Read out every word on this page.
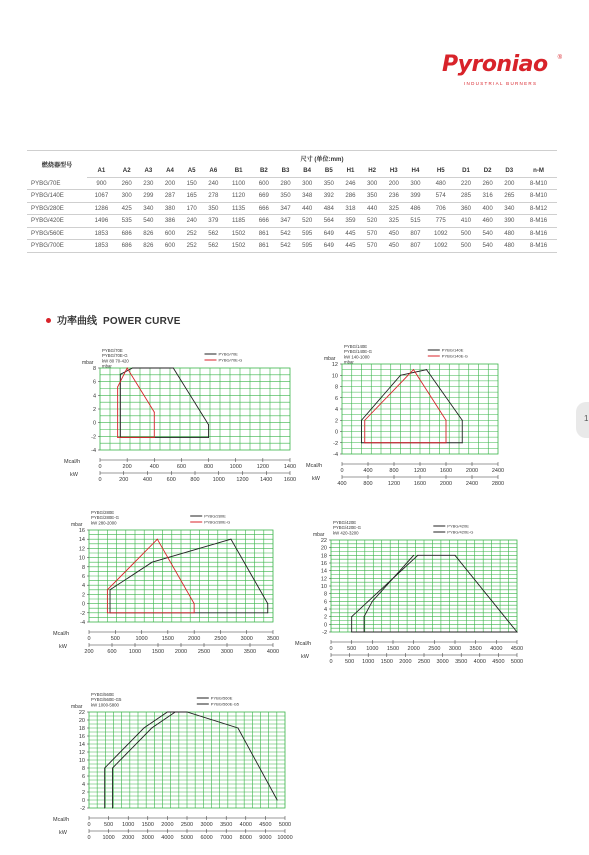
Pyroniao ®
INDUSTRIAL BURNERS
燃烧器型号	尺寸 (单位:mm)																			
	A1	A2	A3	A4	A5	A6	B1	B2	B3	B4	B5	H1	H2	H3	H4	H5	D1	D2	D3	n-M
PYBG/70E	900	260	230	200	150	240	1100	600	280	300	350	246	300	200	300	480	220	260	200	8-M10
PYBG/140E	1067	300	299	287	165	278	1120	669	350	348	392	286	350	236	399	574	285	316	265	8-M10
PYBG/280E	1286	425	340	380	170	350	1135	666	347	440	484	318	440	325	486	706	360	400	340	8-M12
PYBG/420E	1496	535	540	386	240	379	1185	666	347	520	564	359	520	325	515	775	410	460	390	8-M16
PYBG/560E	1853	686	826	600	252	562	1502	861	542	595	649	445	570	450	807	1092	500	540	480	8-M16
PYBG/700E	1853	686	826	600	252	562	1502	861	542	595	649	445	570	450	807	1092	500	540	480	8-M16
功率曲线 POWER CURVE
1
-4
-2
0
2
4
6
8
mbar
0	200	400	600	800	1000	1200	1400
0	200	400	600	800 1000 1200 1400 1600
Mcal/h
kW
PYBG/70E
PYBG/70E-G
kW 80 70-420
mbar
PYBG/70E
PYBG/70E-G
-4
-2
0
2
4
6
8
10
12
mbar
0	400	800	1200	1600	2000	2400
400	800	1200	1600	2000	2400	2800
Mcal/h
kW
PYBG/140E
PYBG/140E-G
kW 140-1000
mbar
PYBG/140E
PYBG/140E-G
-4
-2
0
2
4
6
8
10
12
14
16
mbar
0	500	1000	1500	2000	2500	3000	3500
200	600 1000 1500 2000 2500 3000 3500 4000
Mcal/h
kW
PYBG/280E
PYBG/280E-G
kW 280-2000
PYBG/280E
PYBG/280E-G
-2
0
2
4
6
8
10
12
14
16
18
20
22
mbar
0	500 1000 1500 2000 2500 3000 3500 4000 4500
0 500 1000 1500 2000 2500 3000 3500 4000 4500 5000
Mcal/h
kW
PYBG/420E
PYBG/420E-G
kW 420-3200
PYBG/420E
PYBG/420E-G
-2
0
2
4
6
8
10
12
14
16
18
20
22
mbar
0 500 1000 1500 2000 2500 3000 3500 4000 4500 5000
0 1000 2000 3000 4000 5000 6000 7000 8000 9000 10000
Mcal/h
kW
PYBG/560E
PYBG/560E-G5
kW 1000-5800
PYBG/560E
PYBG/560E-G5
